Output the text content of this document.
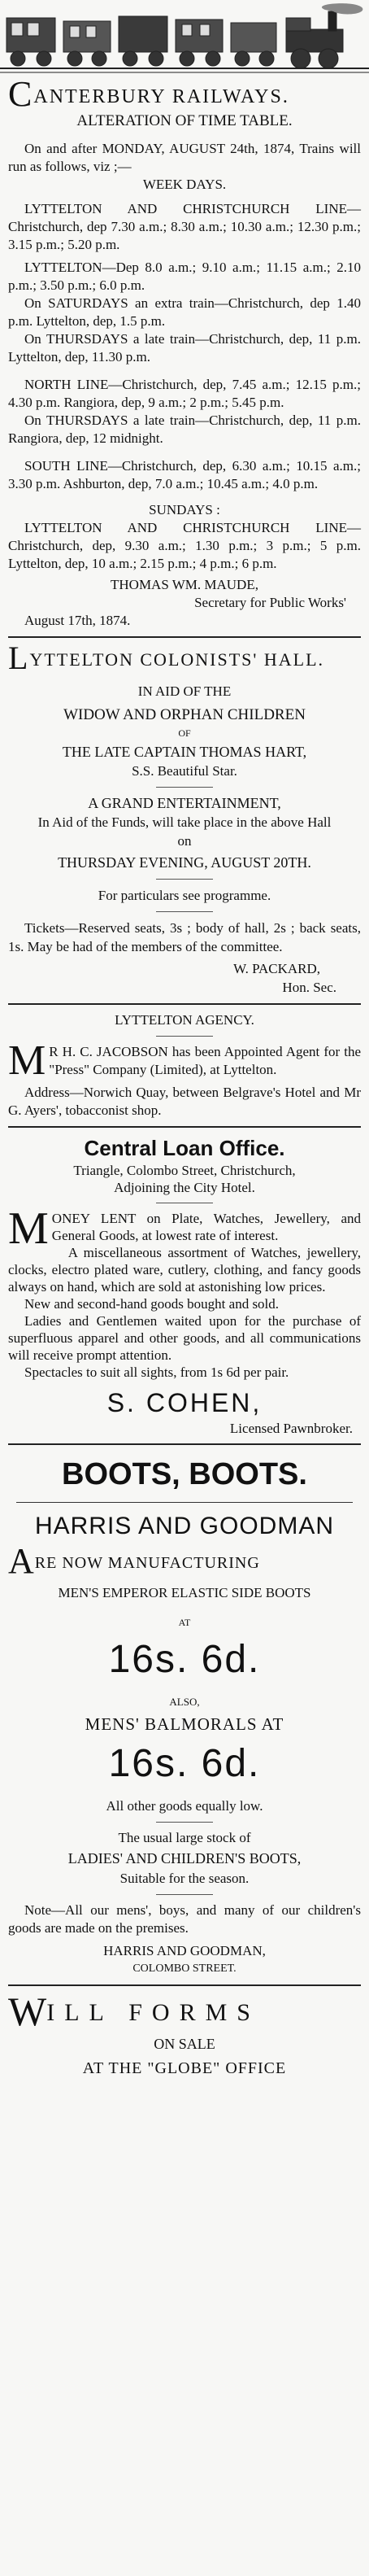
CANTERBURY RAILWAYS.

ALTERATION OF TIME TABLE.

On and after MONDAY, AUGUST 24th, 1874, Trains will run as follows, viz ;—

WEEK DAYS.

LYTTELTON AND CHRISTCHURCH LINE—Christchurch, dep 7.30 a.m.; 8.30 a.m.; 10.30 a.m.; 12.30 p.m.; 3.15 p.m.; 5.20 p.m.

LYTTELTON—Dep 8.0 a.m.; 9.10 a.m.; 11.15 a.m.; 2.10 p.m.; 3.50 p.m.; 6.0 p.m.

On SATURDAYS an extra train—Christchurch, dep 1.40 p.m. Lyttelton, dep, 1.5 p.m.

On THURSDAYS a late train—Christchurch, dep, 11 p.m. Lyttelton, dep, 11.30 p.m.

NORTH LINE—Christchurch, dep, 7.45 a.m.; 12.15 p.m.; 4.30 p.m. Rangiora, dep, 9 a.m.; 2 p.m.; 5.45 p.m.

On THURSDAYS a late train—Christchurch, dep, 11 p.m. Rangiora, dep, 12 midnight.

SOUTH LINE—Christchurch, dep, 6.30 a.m.; 10.15 a.m.; 3.30 p.m. Ashburton, dep, 7.0 a.m.; 10.45 a.m.; 4.0 p.m.

SUNDAYS :

LYTTELTON AND CHRISTCHURCH LINE—Christchurch, dep, 9.30 a.m.; 1.30 p.m.; 3 p.m.; 5 p.m. Lyttelton, dep, 10 a.m.; 2.15 p.m.; 4 p.m.; 6 p.m.

THOMAS WM. MAUDE,

Secretary for Public Works'

August 17th, 1874.

LYTTELTON COLONISTS' HALL.

IN AID OF THE

WIDOW AND ORPHAN CHILDREN

OF

THE LATE CAPTAIN THOMAS HART,

S.S. Beautiful Star.

A GRAND ENTERTAINMENT,

In Aid of the Funds, will take place in the above Hall on

THURSDAY EVENING, AUGUST 20TH.

For particulars see programme.

Tickets—Reserved seats, 3s ; body of hall, 2s ; back seats, 1s. May be had of the members of the committee.

W. PACKARD,

Hon. Sec.

LYTTELTON AGENCY.

M R H. C. JACOBSON has been Appointed Agent for the "Press" Company (Limited), at Lyttelton.

Address—Norwich Quay, between Belgrave's Hotel and Mr G. Ayers', tobacconist shop.

Central Loan Office.

Triangle, Colombo Street, Christchurch,

Adjoining the City Hotel.

MONEY LENT on Plate, Watches, Jewellery, and General Goods, at lowest rate of interest.

A miscellaneous assortment of Watches, jewellery, clocks, electro plated ware, cutlery, clothing, and fancy goods always on hand, which are sold at astonishing low prices.

New and second-hand goods bought and sold.

Ladies and Gentlemen waited upon for the purchase of superfluous apparel and other goods, and all communications will receive prompt attention.

Spectacles to suit all sights, from 1s 6d per pair.

S. COHEN,

Licensed Pawnbroker.

BOOTS, BOOTS.

HARRIS AND GOODMAN

ARE NOW MANUFACTURING

MEN'S EMPEROR ELASTIC SIDE BOOTS

AT

16s. 6d.

ALSO,

MENS' BALMORALS AT

16s. 6d.

All other goods equally low.

The usual large stock of

LADIES' AND CHILDREN'S BOOTS,

Suitable for the season.

Note—All our mens', boys, and many of our children's goods are made on the premises.

HARRIS AND GOODMAN,

COLOMBO STREET.

WILL FORMS

ON SALE

AT THE "GLOBE" OFFICE
